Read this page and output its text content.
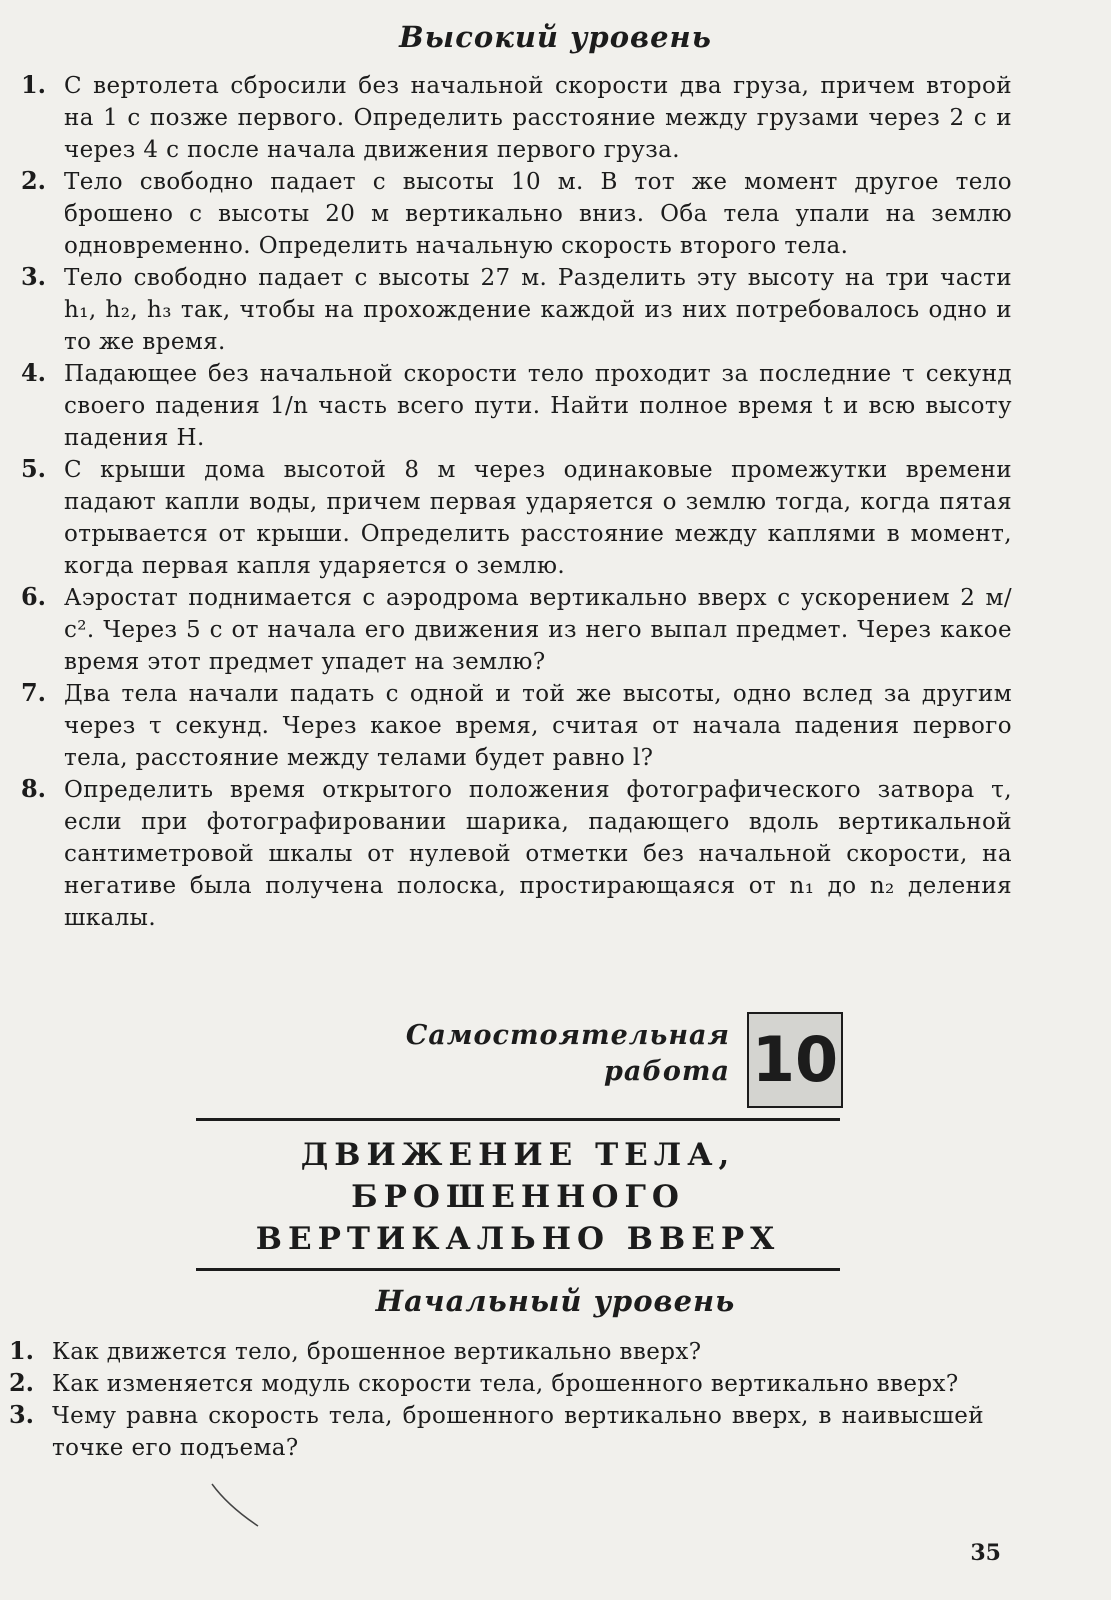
Высокий уровень
1. С вертолета сбросили без начальной скорости два груза, причем второй на 1 с позже первого. Определить расстояние между грузами через 2 с и через 4 с после начала движения первого груза.
2. Тело свободно падает с высоты 10 м. В тот же момент другое тело брошено с высоты 20 м вертикально вниз. Оба тела упали на землю одновременно. Определить начальную скорость второго тела.
3. Тело свободно падает с высоты 27 м. Разделить эту высоту на три части h₁, h₂, h₃ так, чтобы на прохождение каждой из них потребовалось одно и то же время.
4. Падающее без начальной скорости тело проходит за последние τ секунд своего падения 1/n часть всего пути. Найти полное время t и всю высоту падения H.
5. С крыши дома высотой 8 м через одинаковые промежутки времени падают капли воды, причем первая ударяется о землю тогда, когда пятая отрывается от крыши. Определить расстояние между каплями в момент, когда первая капля ударяется о землю.
6. Аэростат поднимается с аэродрома вертикально вверх с ускорением 2 м/с². Через 5 с от начала его движения из него выпал предмет. Через какое время этот предмет упадет на землю?
7. Два тела начали падать с одной и той же высоты, одно вслед за другим через τ секунд. Через какое время, считая от начала падения первого тела, расстояние между телами будет равно l?
8. Определить время открытого положения фотографического затвора τ, если при фотографировании шарика, падающего вдоль вертикальной сантиметровой шкалы от нулевой отметки без начальной скорости, на негативе была получена полоска, простирающаяся от n₁ до n₂ деления шкалы.
Самостоятельная
работа 10
ДВИЖЕНИЕ ТЕЛА,
БРОШЕННОГО
ВЕРТИКАЛЬНО ВВЕРХ
Начальный уровень
1. Как движется тело, брошенное вертикально вверх?
2. Как изменяется модуль скорости тела, брошенного вертикально вверх?
3. Чему равна скорость тела, брошенного вертикально вверх, в наивысшей точке его подъема?
35
